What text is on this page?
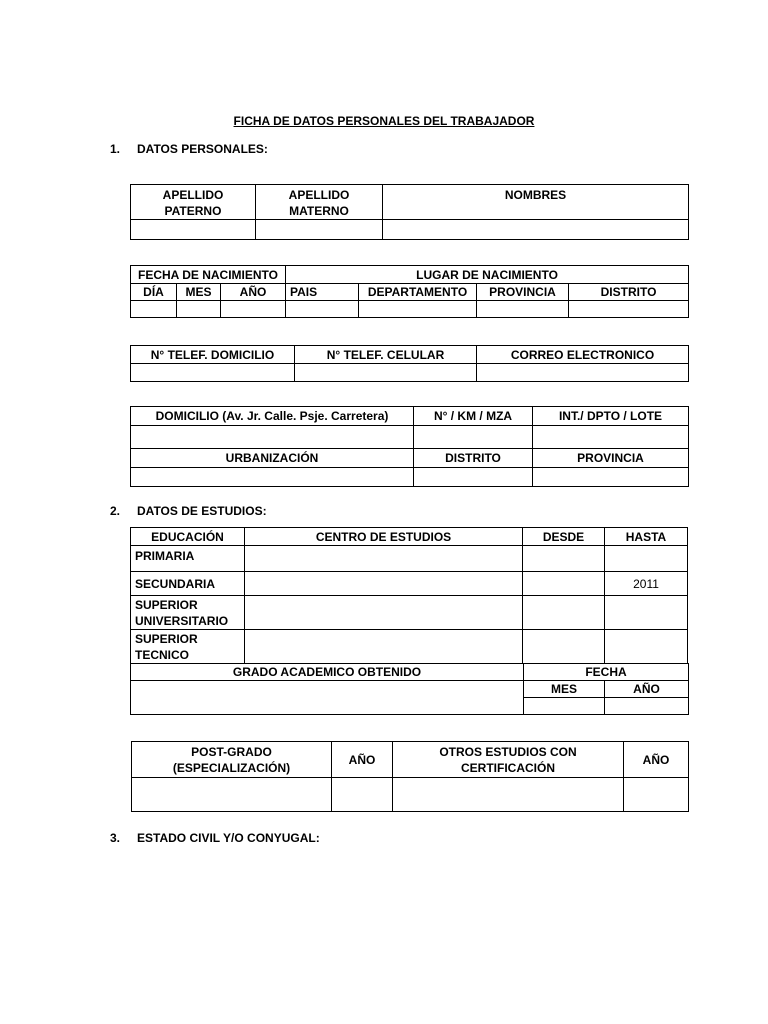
FICHA DE DATOS PERSONALES DEL TRABAJADOR
1. DATOS PERSONALES:
APELLIDO PATERNO	APELLIDO MATERNO	NOMBRES

FECHA DE NACIMIENTO			LUGAR DE NACIMIENTO			
DÍA	MES	AÑO	PAIS	DEPARTAMENTO	PROVINCIA	DISTRITO

N° TELEF. DOMICILIO	N° TELEF. CELULAR	CORREO ELECTRONICO

DOMICILIO (Av. Jr. Calle. Psje. Carretera)	N° / KM / MZA	INT./ DPTO / LOTE

URBANIZACIÓN	DISTRITO	PROVINCIA

2. DATOS DE ESTUDIOS:
EDUCACIÓN	CENTRO DE ESTUDIOS	DESDE	HASTA
PRIMARIA			
SECUNDARIA			2011
SUPERIOR UNIVERSITARIO			
SUPERIOR TECNICO			
GRADO ACADEMICO OBTENIDO	FECHA	
	MES	AÑO

POST-GRADO (ESPECIALIZACIÓN)	AÑO	OTROS ESTUDIOS CON CERTIFICACIÓN	AÑO

3. ESTADO CIVIL Y/O CONYUGAL:
